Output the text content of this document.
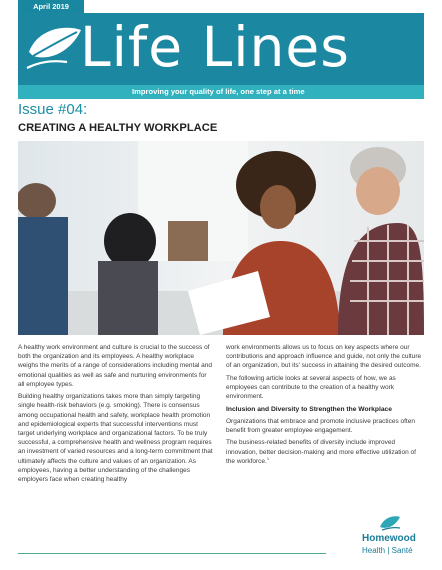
April 2019
Life Lines
Improving your quality of life, one step at a time
Issue #04:
CREATING A HEALTHY WORKPLACE

A healthy work environment and culture is crucial to the success of both the organization and its employees. A healthy workplace weighs the merits of a range of considerations including mental and emotional qualities as well as safe and nurturing environments for all employee types.

Building healthy organizations takes more than simply targeting single health-risk behaviors (e.g. smoking). There is consensus among occupational health and safety, workplace health promotion and epidemiological experts that successful interventions must target underlying workplace and organizational factors. To be truly successful, a comprehensive health and wellness program requires an investment of varied resources and a long-term commitment that ultimately affects the culture and values of an organization. As employees, having a better understanding of the challenges employers face when creating healthy

work environments allows us to focus on key aspects where our contributions and approach influence and guide, not only the culture of an organization, but its' success in attaining the desired outcome.

The following article looks at several aspects of how, we as employees can contribute to the creation of a healthy work environment.

Inclusion and Diversity to Strengthen the Workplace

Organizations that embrace and promote inclusive practices often benefit from greater employee engagement.

The business-related benefits of diversity include improved innovation, better decision-making and more effective utilization of the workforce.$^1$

Homewood
Health | Santé
